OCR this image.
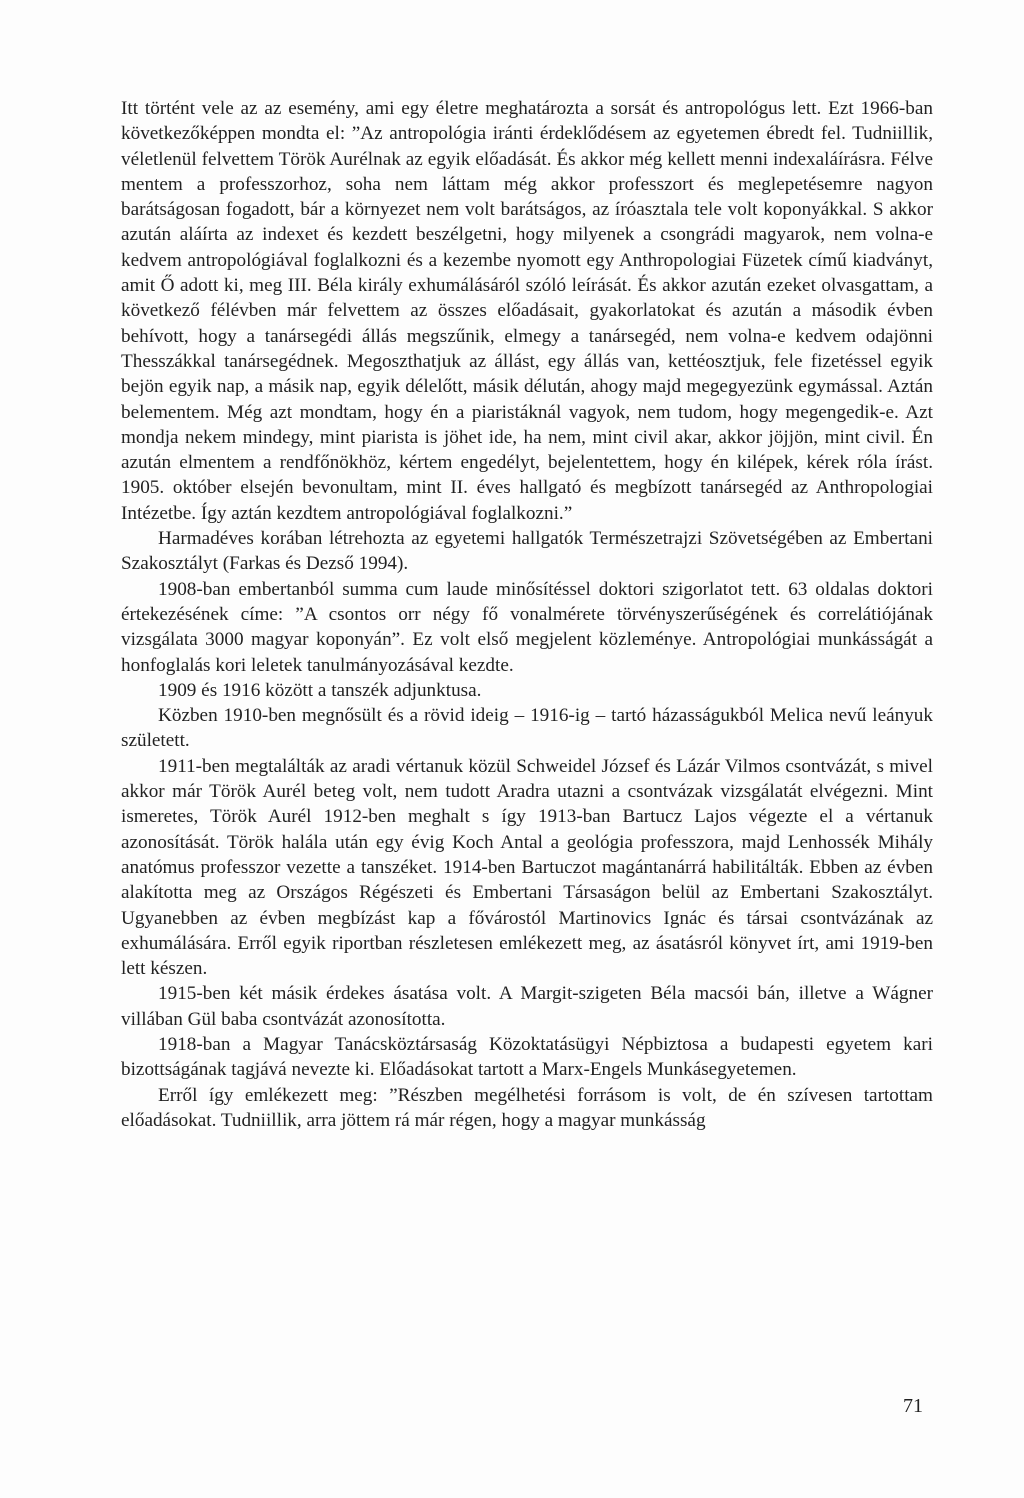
Itt történt vele az az esemény, ami egy életre meghatározta a sorsát és antropológus lett. Ezt 1966-ban következőképpen mondta el: ”Az antropológia iránti érdeklődésem az egyetemen ébredt fel. Tudniillik, véletlenül felvettem Török Aurélnak az egyik előadását. És akkor még kellett menni indexaláírásra. Félve mentem a professzorhoz, soha nem láttam még akkor professzort és meglepetésemre nagyon barátságosan fogadott, bár a környezet nem volt barátságos, az íróasztala tele volt koponyákkal. S akkor azután aláírta az indexet és kezdett beszélgetni, hogy milyenek a csongrádi magyarok, nem volna-e kedvem antropológiával foglalkozni és a kezembe nyomott egy Anthropologiai Füzetek című kiadványt, amit Ő adott ki, meg III. Béla király exhumálásáról szóló leírását. És akkor azután ezeket olvasgattam, a következő félévben már felvettem az összes előadásait, gyakorlatokat és azután a második évben behívott, hogy a tanársegédi állás megszűnik, elmegy a tanársegéd, nem volna-e kedvem odajönni Thesszákkal tanársegédnek. Megoszthatjuk az állást, egy állás van, kettéosztjuk, fele fizetéssel egyik bejön egyik nap, a másik nap, egyik délelőtt, másik délután, ahogy majd megegyezünk egymással. Aztán belementem. Még azt mondtam, hogy én a piaristáknál vagyok, nem tudom, hogy megengedik-e. Azt mondja nekem mindegy, mint piarista is jöhet ide, ha nem, mint civil akar, akkor jöjjön, mint civil. Én azután elmentem a rendfőnökhöz, kértem engedélyt, bejelentettem, hogy én kilépek, kérek róla írást. 1905. október elsején bevonultam, mint II. éves hallgató és megbízott tanársegéd az Anthropologiai Intézetbe. Így aztán kezdtem antropológiával foglalkozni.”

Harmadéves korában létrehozta az egyetemi hallgatók Természetrajzi Szövetségében az Embertani Szakosztályt (Farkas és Dezső 1994).

1908-ban embertanból summa cum laude minősítéssel doktori szigorlatot tett. 63 oldalas doktori értekezésének címe: ”A csontos orr négy fő vonalmérete törvényszerűségének és correlátiójának vizsgálata 3000 magyar koponyán”. Ez volt első megjelent közleménye. Antropológiai munkásságát a honfoglalás kori leletek tanulmányozásával kezdte.

1909 és 1916 között a tanszék adjunktusa.

Közben 1910-ben megnősült és a rövid ideig – 1916-ig – tartó házasságukból Melica nevű leányuk született.

1911-ben megtalálták az aradi vértanuk közül Schweidel József és Lázár Vilmos csontvázát, s mivel akkor már Török Aurél beteg volt, nem tudott Aradra utazni a csontvázak vizsgálatát elvégezni. Mint ismeretes, Török Aurél 1912-ben meghalt s így 1913-ban Bartucz Lajos végezte el a vértanuk azonosítását. Török halála után egy évig Koch Antal a geológia professzora, majd Lenhossék Mihály anatómus professzor vezette a tanszéket. 1914-ben Bartuczot magántanárrá habilitálták. Ebben az évben alakította meg az Országos Régészeti és Embertani Társaságon belül az Embertani Szakosztályt. Ugyanebben az évben megbízást kap a fővárostól Martinovics Ignác és társai csontvázának az exhumálására. Erről egyik riportban részletesen emlékezett meg, az ásatásról könyvet írt, ami 1919-ben lett készen.

1915-ben két másik érdekes ásatása volt. A Margit-szigeten Béla macsói bán, illetve a Wágner villában Gül baba csontvázát azonosította.

1918-ban a Magyar Tanácsköztársaság Közoktatásügyi Népbiztosa a budapesti egyetem kari bizottságának tagjává nevezte ki. Előadásokat tartott a Marx-Engels Munkásegyetemen.

Erről így emlékezett meg: ”Részben megélhetési forrásom is volt, de én szívesen tartottam előadásokat. Tudniillik, arra jöttem rá már régen, hogy a magyar munkásság

71
